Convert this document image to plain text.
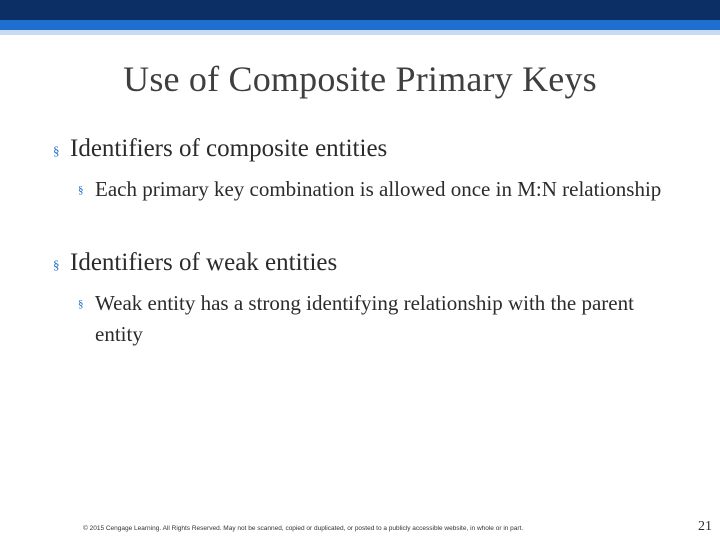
Use of Composite Primary Keys
§ Identifiers of composite entities
§ Each primary key combination is allowed once in M:N relationship
§ Identifiers of weak entities
§ Weak entity has a strong identifying relationship with the parent entity
© 2015 Cengage Learning. All Rights Reserved. May not be scanned, copied or duplicated, or posted to a publicly accessible website, in whole or in part.	21
